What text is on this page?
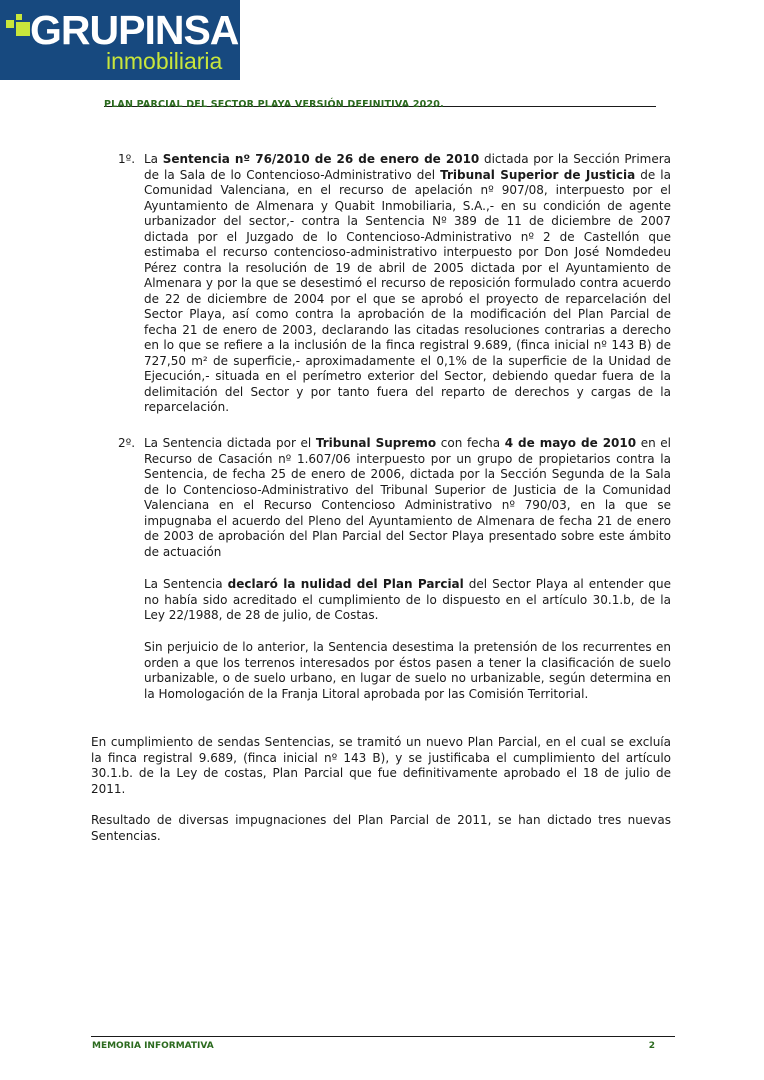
GRUPINSA
inmobiliaria
PLAN PARCIAL DEL SECTOR PLAYA VERSIÓN DEFINITIVA 2020.
1º. La Sentencia nº 76/2010 de 26 de enero de 2010 dictada por la Sección Primera de la Sala de lo Contencioso-Administrativo del Tribunal Superior de Justicia de la Comunidad Valenciana, en el recurso de apelación nº 907/08, interpuesto por el Ayuntamiento de Almenara y Quabit Inmobiliaria, S.A.,- en su condición de agente urbanizador del sector,- contra la Sentencia Nº 389 de 11 de diciembre de 2007 dictada por el Juzgado de lo Contencioso-Administrativo nº 2 de Castellón que estimaba el recurso contencioso-administrativo interpuesto por Don José Nomdedeu Pérez contra la resolución de 19 de abril de 2005 dictada por el Ayuntamiento de Almenara y por la que se desestimó el recurso de reposición formulado contra acuerdo de 22 de diciembre de 2004 por el que se aprobó el proyecto de reparcelación del Sector Playa, así como contra la aprobación de la modificación del Plan Parcial de fecha 21 de enero de 2003, declarando las citadas resoluciones contrarias a derecho en lo que se refiere a la inclusión de la finca registral 9.689, (finca inicial nº 143 B) de 727,50 m² de superficie,- aproximadamente el 0,1% de la superficie de la Unidad de Ejecución,- situada en el perímetro exterior del Sector, debiendo quedar fuera de la delimitación del Sector y por tanto fuera del reparto de derechos y cargas de la reparcelación.
2º. La Sentencia dictada por el Tribunal Supremo con fecha 4 de mayo de 2010 en el Recurso de Casación nº 1.607/06 interpuesto por un grupo de propietarios contra la Sentencia, de fecha 25 de enero de 2006, dictada por la Sección Segunda de la Sala de lo Contencioso-Administrativo del Tribunal Superior de Justicia de la Comunidad Valenciana en el Recurso Contencioso Administrativo nº 790/03, en la que se impugnaba el acuerdo del Pleno del Ayuntamiento de Almenara de fecha 21 de enero de 2003 de aprobación del Plan Parcial del Sector Playa presentado sobre este ámbito de actuación
La Sentencia declaró la nulidad del Plan Parcial del Sector Playa al entender que no había sido acreditado el cumplimiento de lo dispuesto en el artículo 30.1.b, de la Ley 22/1988, de 28 de julio, de Costas.
Sin perjuicio de lo anterior, la Sentencia desestima la pretensión de los recurrentes en orden a que los terrenos interesados por éstos pasen a tener la clasificación de suelo urbanizable, o de suelo urbano, en lugar de suelo no urbanizable, según determina en la Homologación de la Franja Litoral aprobada por las Comisión Territorial.
En cumplimiento de sendas Sentencias, se tramitó un nuevo Plan Parcial, en el cual se excluía la finca registral 9.689, (finca inicial nº 143 B), y se justificaba el cumplimiento del artículo 30.1.b. de la Ley de costas, Plan Parcial que fue definitivamente aprobado el 18 de julio de 2011.
Resultado de diversas impugnaciones del Plan Parcial de 2011, se han dictado tres nuevas Sentencias.
MEMORIA INFORMATIVA	2
